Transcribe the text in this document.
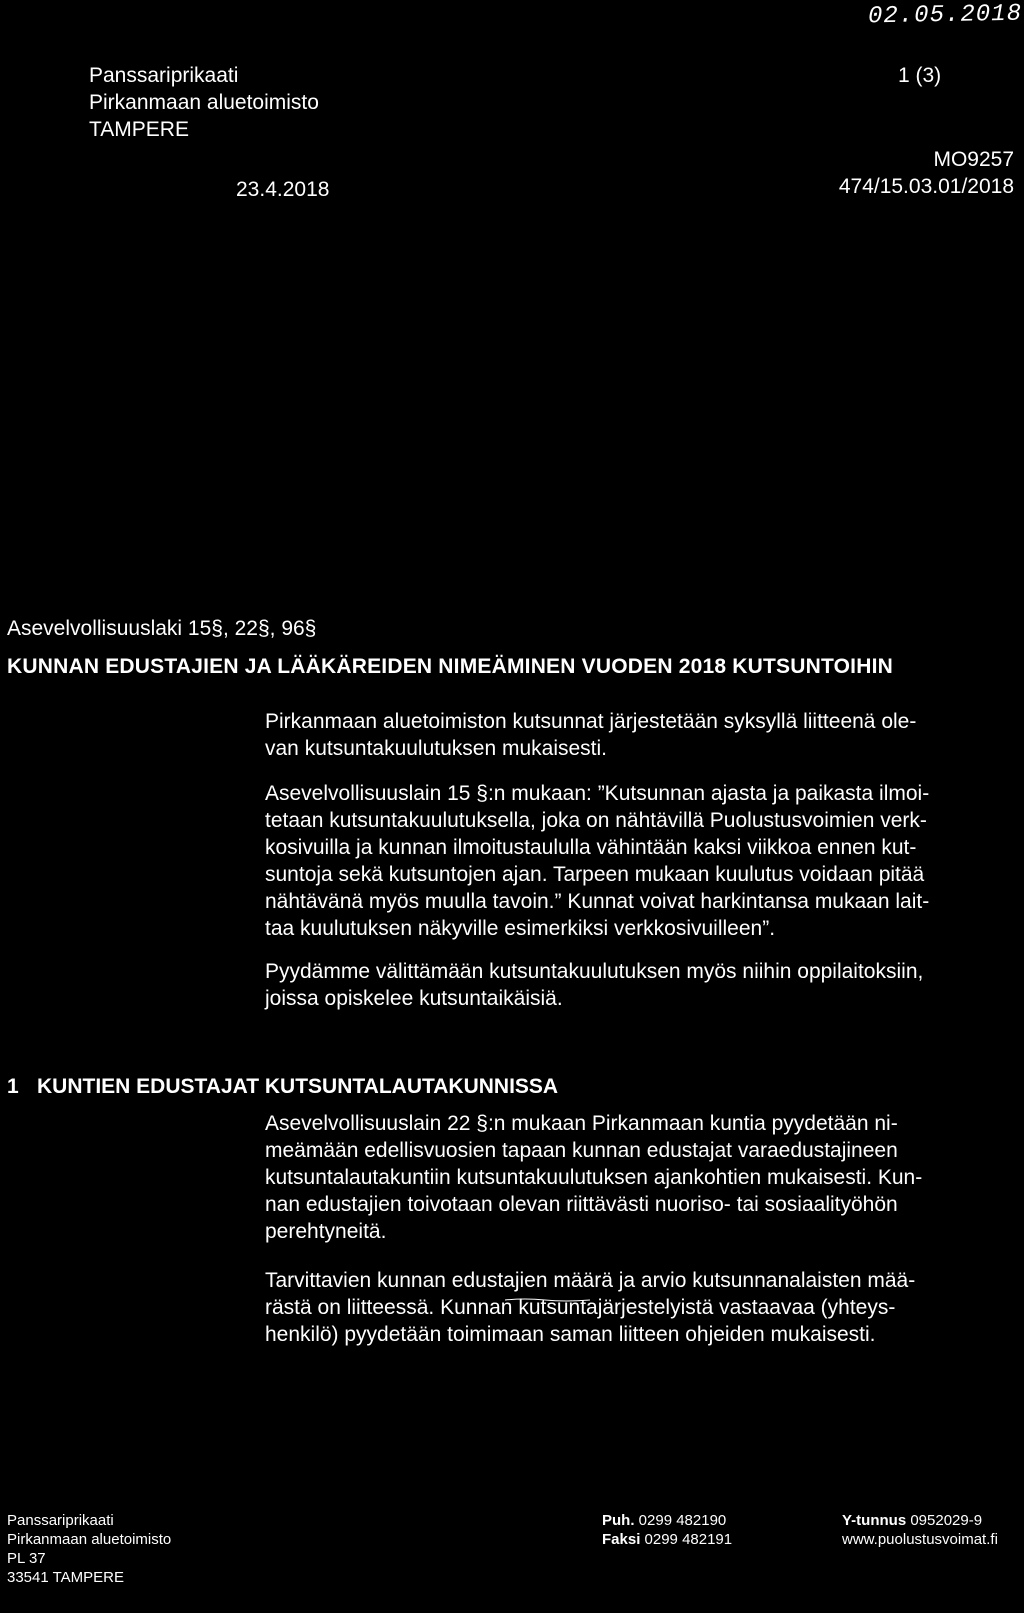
02.05.2018
Panssariprikaati
Pirkanmaan aluetoimisto
TAMPERE
1 (3)
23.4.2018
MO9257
474/15.03.01/2018
Asevelvollisuuslaki 15§, 22§, 96§
KUNNAN EDUSTAJIEN JA LÄÄKÄREIDEN NIMEÄMINEN VUODEN 2018 KUTSUNTOIHIN

Pirkanmaan aluetoimiston kutsunnat järjestetään syksyllä liitteenä ole-

van kutsuntakuulutuksen mukaisesti.

Asevelvollisuuslain 15 §:n mukaan: ”Kutsunnan ajasta ja paikasta ilmoi-

tetaan kutsuntakuulutuksella, joka on nähtävillä Puolustusvoimien verk-

kosivuilla ja kunnan ilmoitustaululla vähintään kaksi viikkoa ennen kut-

suntoja sekä kutsuntojen ajan. Tarpeen mukaan kuulutus voidaan pitää

nähtävänä myös muulla tavoin.” Kunnat voivat harkintansa mukaan lait-

taa kuulutuksen näkyville esimerkiksi verkkosivuilleen”.

Pyydämme välittämään kutsuntakuulutuksen myös niihin oppilaitoksiin,

joissa opiskelee kutsuntaikäisiä.

1 KUNTIEN EDUSTAJAT KUTSUNTALAUTAKUNNISSA

Asevelvollisuuslain 22 §:n mukaan Pirkanmaan kuntia pyydetään ni-

meämään edellisvuosien tapaan kunnan edustajat varaedustajineen

kutsuntalautakuntiin kutsuntakuulutuksen ajankohtien mukaisesti. Kun-

nan edustajien toivotaan olevan riittävästi nuoriso- tai sosiaalityöhön

perehtyneitä.

Tarvittavien kunnan edustajien määrä ja arvio kutsunnanalaisten mää-

rästä on liitteessä. Kunnan kutsuntajärjestelyistä vastaavaa (yhteys-

henkilö) pyydetään toimimaan saman liitteen ohjeiden mukaisesti.

Panssariprikaati
Pirkanmaan aluetoimisto
PL 37
33541 TAMPERE
Puh. 0299 482190
Faksi 0299 482191
Y-tunnus 0952029-9
www.puolustusvoimat.fi
